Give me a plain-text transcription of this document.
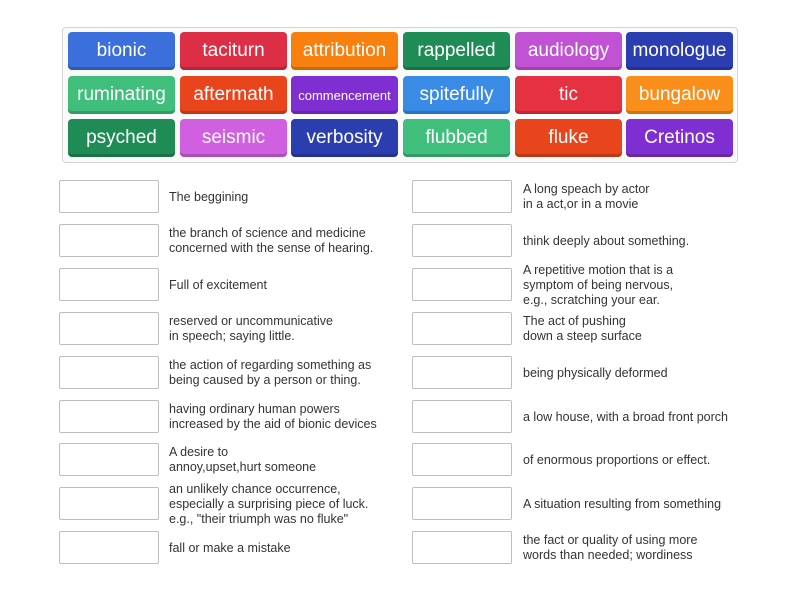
bionic	taciturn	attribution	rappelled	audiology	monologue
ruminating	aftermath	commencement	spitefully	tic	bungalow
psyched	seismic	verbosity	flubbed	fluke	Cretinos
The beggining
the branch of science and medicine
concerned with the sense of hearing.
Full of excitement
reserved or uncommunicative
in speech; saying little.
the action of regarding something as
being caused by a person or thing.
having ordinary human powers
increased by the aid of bionic devices
A desire to
annoy,upset,hurt someone
an unlikely chance occurrence,
especially a surprising piece of luck.
e.g., "their triumph was no fluke"
fall or make a mistake
A long speach by actor
in a act,or in a movie
think deeply about something.
A repetitive motion that is a
symptom of being nervous,
e.g., scratching your ear.
The act of pushing
down a steep surface
being physically deformed
a low house, with a broad front porch
of enormous proportions or effect.
A situation resulting from something
the fact or quality of using more
words than needed; wordiness
